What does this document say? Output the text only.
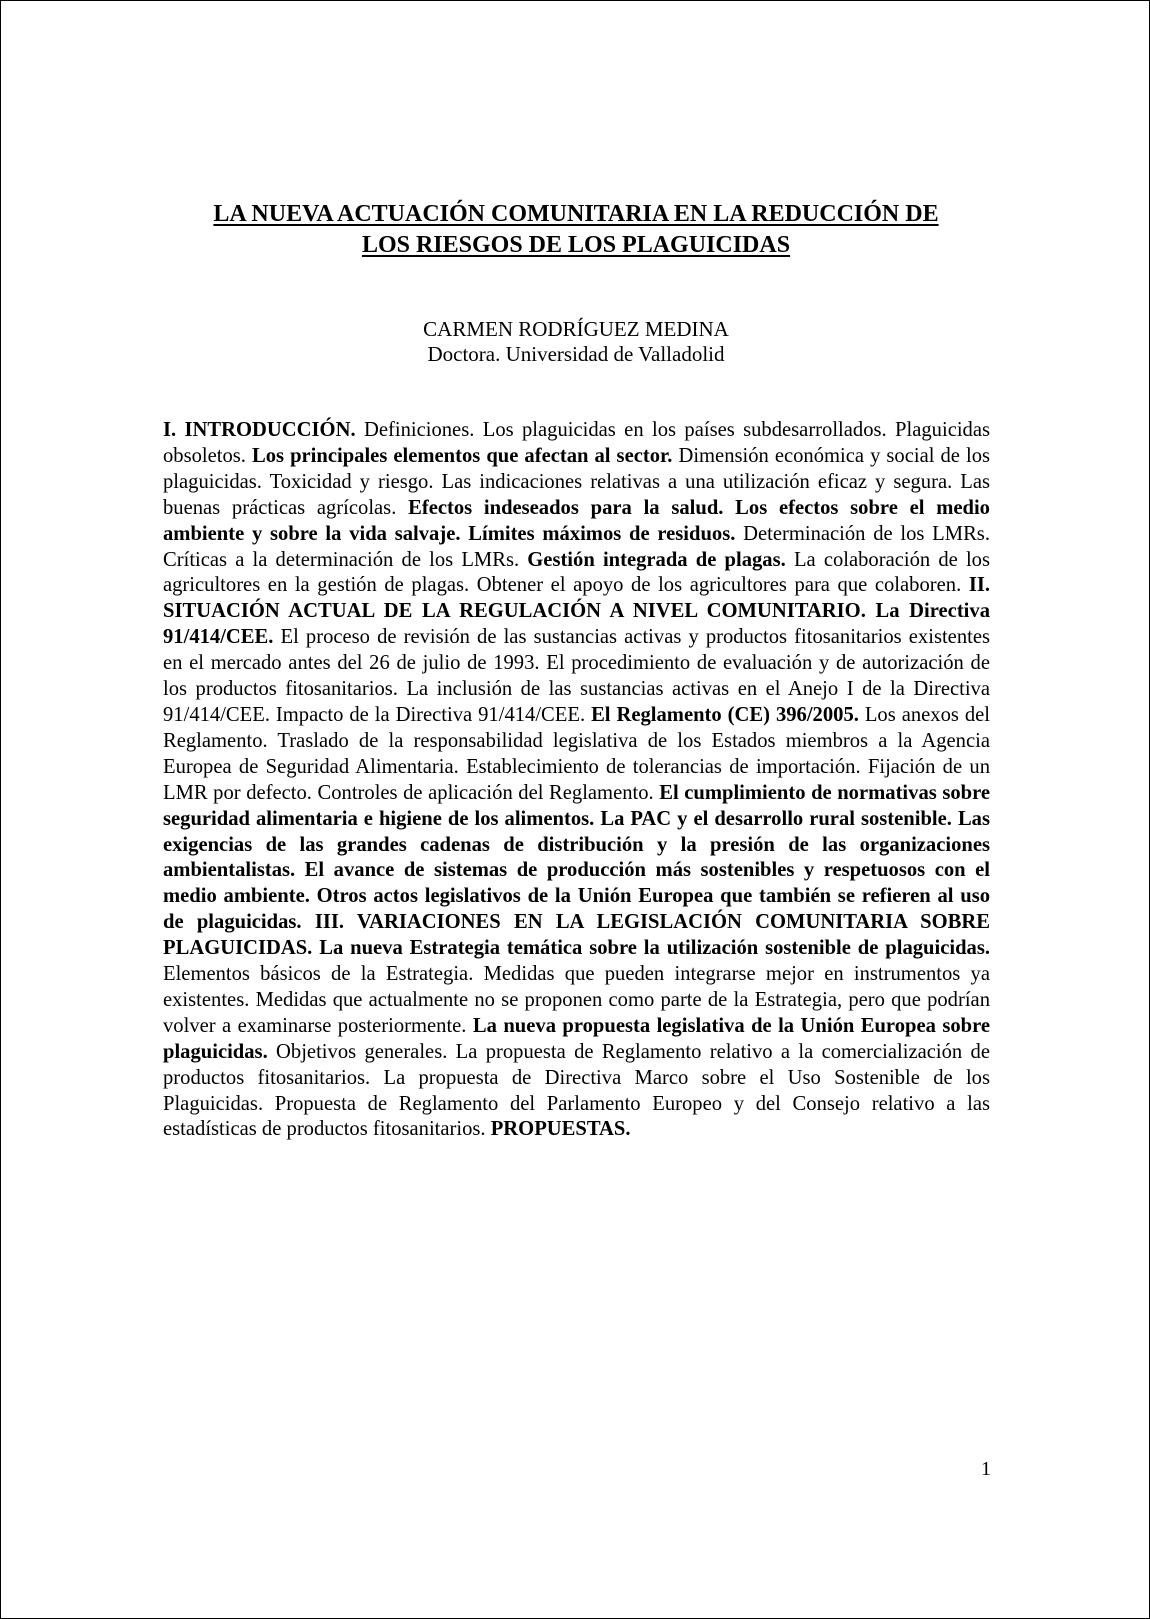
LA NUEVA ACTUACIÓN COMUNITARIA EN LA REDUCCIÓN DE
LOS RIESGOS DE LOS PLAGUICIDAS
CARMEN RODRÍGUEZ MEDINA
Doctora. Universidad de Valladolid
I. INTRODUCCIÓN. Definiciones. Los plaguicidas en los países subdesarrollados. Plaguicidas obsoletos. Los principales elementos que afectan al sector. Dimensión económica y social de los plaguicidas. Toxicidad y riesgo. Las indicaciones relativas a una utilización eficaz y segura. Las buenas prácticas agrícolas. Efectos indeseados para la salud. Los efectos sobre el medio ambiente y sobre la vida salvaje. Límites máximos de residuos. Determinación de los LMRs. Críticas a la determinación de los LMRs. Gestión integrada de plagas. La colaboración de los agricultores en la gestión de plagas. Obtener el apoyo de los agricultores para que colaboren. II. SITUACIÓN ACTUAL DE LA REGULACIÓN A NIVEL COMUNITARIO. La Directiva 91/414/CEE. El proceso de revisión de las sustancias activas y productos fitosanitarios existentes en el mercado antes del 26 de julio de 1993. El procedimiento de evaluación y de autorización de los productos fitosanitarios. La inclusión de las sustancias activas en el Anejo I de la Directiva 91/414/CEE. Impacto de la Directiva 91/414/CEE. El Reglamento (CE) 396/2005. Los anexos del Reglamento. Traslado de la responsabilidad legislativa de los Estados miembros a la Agencia Europea de Seguridad Alimentaria. Establecimiento de tolerancias de importación. Fijación de un LMR por defecto. Controles de aplicación del Reglamento. El cumplimiento de normativas sobre seguridad alimentaria e higiene de los alimentos. La PAC y el desarrollo rural sostenible. Las exigencias de las grandes cadenas de distribución y la presión de las organizaciones ambientalistas. El avance de sistemas de producción más sostenibles y respetuosos con el medio ambiente. Otros actos legislativos de la Unión Europea que también se refieren al uso de plaguicidas. III. VARIACIONES EN LA LEGISLACIÓN COMUNITARIA SOBRE PLAGUICIDAS. La nueva Estrategia temática sobre la utilización sostenible de plaguicidas. Elementos básicos de la Estrategia. Medidas que pueden integrarse mejor en instrumentos ya existentes. Medidas que actualmente no se proponen como parte de la Estrategia, pero que podrían volver a examinarse posteriormente. La nueva propuesta legislativa de la Unión Europea sobre plaguicidas. Objetivos generales. La propuesta de Reglamento relativo a la comercialización de productos fitosanitarios. La propuesta de Directiva Marco sobre el Uso Sostenible de los Plaguicidas. Propuesta de Reglamento del Parlamento Europeo y del Consejo relativo a las estadísticas de productos fitosanitarios. PROPUESTAS.
1
